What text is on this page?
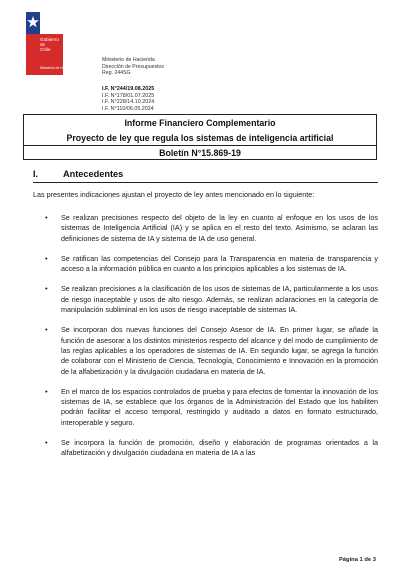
Gobierno de
Chile
Ministerio de Hacienda
Ministerio de Hacienda
Dirección de Presupuestos
Reg. 244SG
I.F. N°244/19.08.2025
I.F. N°178/01.07.2025
I.F. N°228/14.10.2024
I.F. N°110/06.05.2024
Informe Financiero Complementario
Proyecto de ley que regula los sistemas de inteligencia artificial
Boletín N°15.869-19
I.	Antecedentes
Las presentes indicaciones ajustan el proyecto de ley antes mencionado en lo siguiente:
• Se realizan precisiones respecto del objeto de la ley en cuanto al enfoque en los usos de los sistemas de Inteligencia Artificial (IA) y se aplica en el resto del texto. Asimismo, se aclaran las definiciones de sistema de IA y sistema de IA de uso general.
• Se ratifican las competencias del Consejo para la Transparencia en materia de transparencia y acceso a la información pública en cuanto a los principios aplicables a los sistemas de IA.
• Se realizan precisiones a la clasificación de los usos de sistemas de IA, particularmente a los usos de riesgo inaceptable y usos de alto riesgo. Además, se realizan aclaraciones en la categoría de manipulación subliminal en los usos de riesgo inaceptable de sistemas IA.
• Se incorporan dos nuevas funciones del Consejo Asesor de IA. En primer lugar, se añade la función de asesorar a los distintos ministerios respecto del alcance y del modo de cumplimiento de las reglas aplicables a los operadores de sistemas de IA. En segundo lugar, se agrega la función de colaborar con el Ministerio de Ciencia, Tecnología, Conocimiento e Innovación en la promoción de la alfabetización y la divulgación ciudadana en materia de IA.
• En el marco de los espacios controlados de prueba y para efectos de fomentar la innovación de los sistemas de IA, se establece que los órganos de la Administración del Estado que los habiliten podrán facilitar el acceso temporal, restringido y auditado a datos en formato estructurado, interoperable y seguro.
• Se incorpora la función de promoción, diseño y elaboración de programas orientados a la alfabetización y divulgación ciudadana en materia de IA a las
Página 1 de 3
